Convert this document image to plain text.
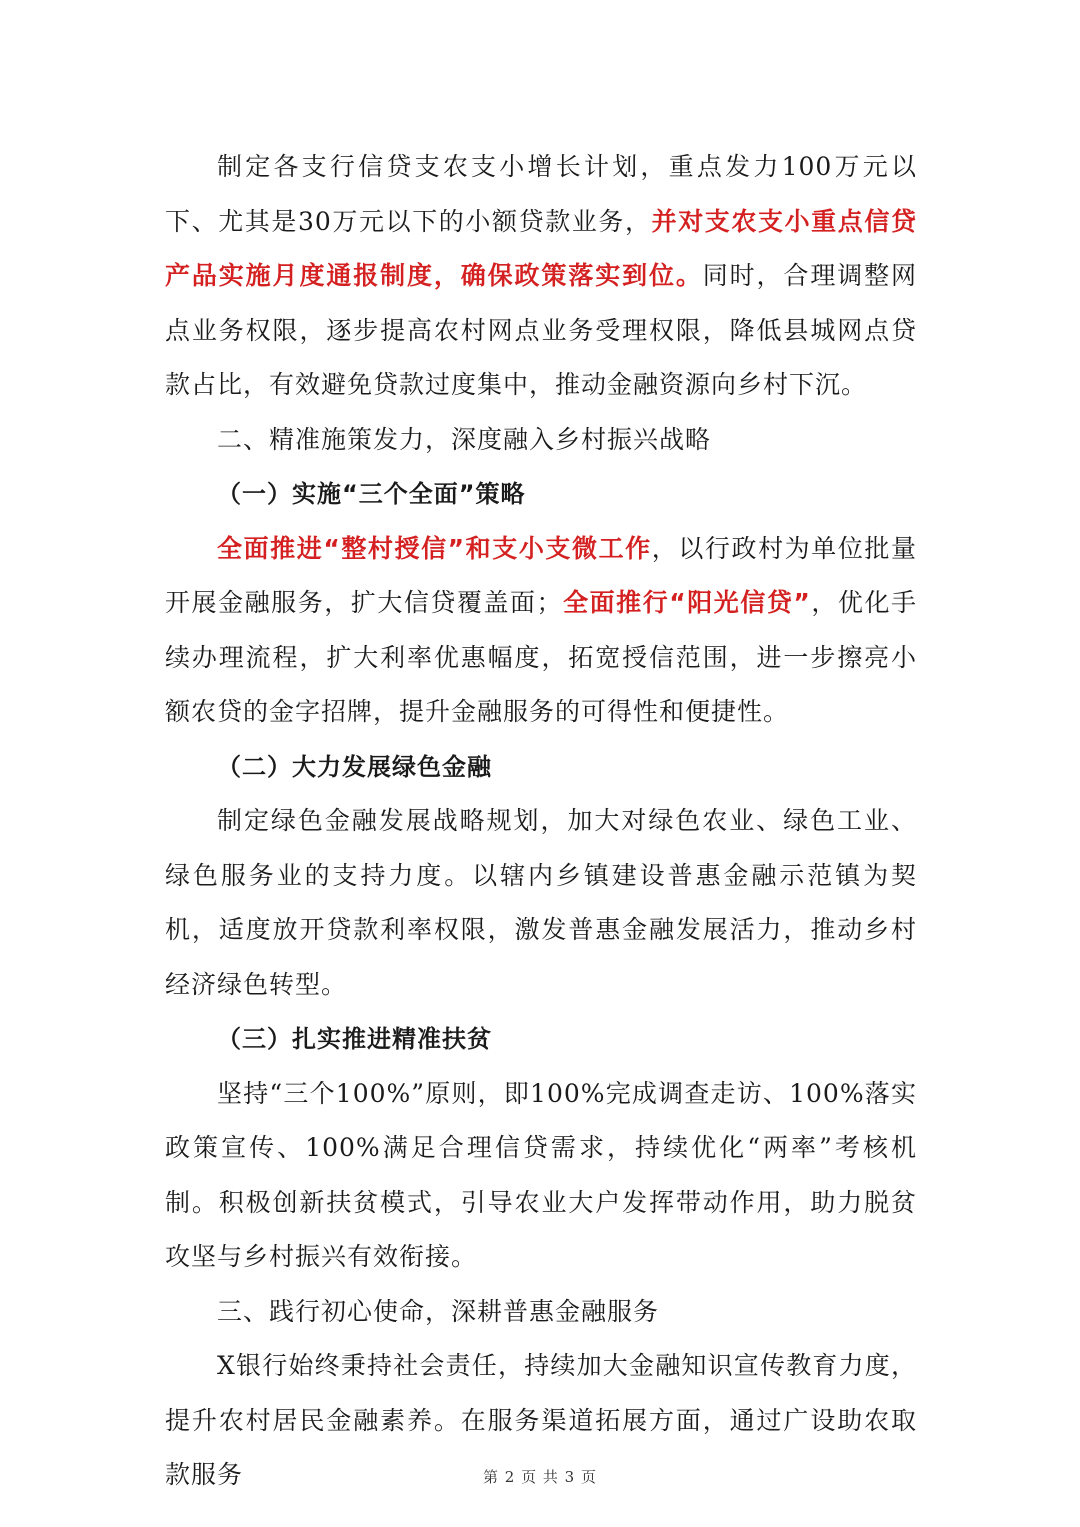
制定各支行信贷支农支小增长计划，重点发力100万元以下、尤其是30万元以下的小额贷款业务，并对支农支小重点信贷产品实施月度通报制度，确保政策落实到位。同时，合理调整网点业务权限，逐步提高农村网点业务受理权限，降低县城网点贷款占比，有效避免贷款过度集中，推动金融资源向乡村下沉。

二、精准施策发力，深度融入乡村振兴战略

（一）实施“三个全面”策略

全面推进“整村授信”和支小支微工作，以行政村为单位批量开展金融服务，扩大信贷覆盖面；全面推行“阳光信贷”，优化手续办理流程，扩大利率优惠幅度，拓宽授信范围，进一步擦亮小额农贷的金字招牌，提升金融服务的可得性和便捷性。

（二）大力发展绿色金融

制定绿色金融发展战略规划，加大对绿色农业、绿色工业、绿色服务业的支持力度。以辖内乡镇建设普惠金融示范镇为契机，适度放开贷款利率权限，激发普惠金融发展活力，推动乡村经济绿色转型。

（三）扎实推进精准扶贫

坚持“三个100%”原则，即100%完成调查走访、100%落实政策宣传、100%满足合理信贷需求，持续优化“两率”考核机制。积极创新扶贫模式，引导农业大户发挥带动作用，助力脱贫攻坚与乡村振兴有效衔接。

三、践行初心使命，深耕普惠金融服务

X银行始终秉持社会责任，持续加大金融知识宣传教育力度，提升农村居民金融素养。在服务渠道拓展方面，通过广设助农取款服务	第 2 页 共 3 页
